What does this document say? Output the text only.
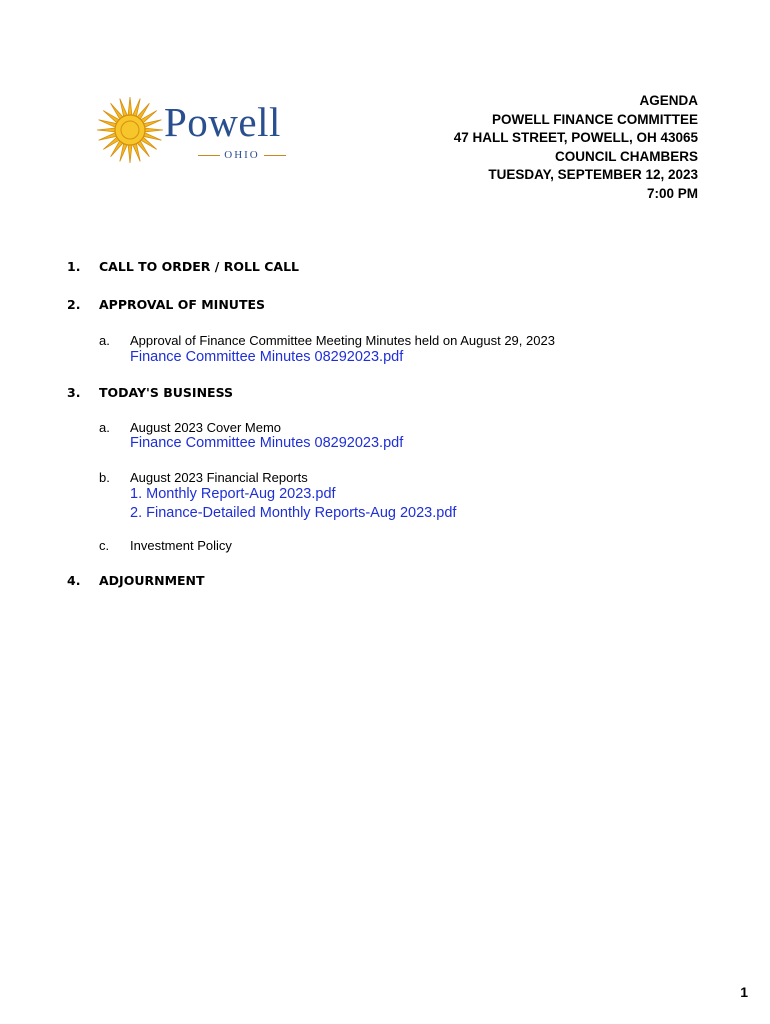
Powell
OHIO
AGENDA
POWELL FINANCE COMMITTEE
47 HALL STREET, POWELL, OH 43065
COUNCIL CHAMBERS
TUESDAY, SEPTEMBER 12, 2023
7:00 PM
1. CALL TO ORDER / ROLL CALL
2. APPROVAL OF MINUTES
a. Approval of Finance Committee Meeting Minutes held on August 29, 2023
Finance Committee Minutes 08292023.pdf
3. TODAY'S BUSINESS
a. August 2023 Cover Memo
Finance Committee Minutes 08292023.pdf
b. August 2023 Financial Reports
1. Monthly Report-Aug 2023.pdf
2. Finance-Detailed Monthly Reports-Aug 2023.pdf
c. Investment Policy
4. ADJOURNMENT
1
